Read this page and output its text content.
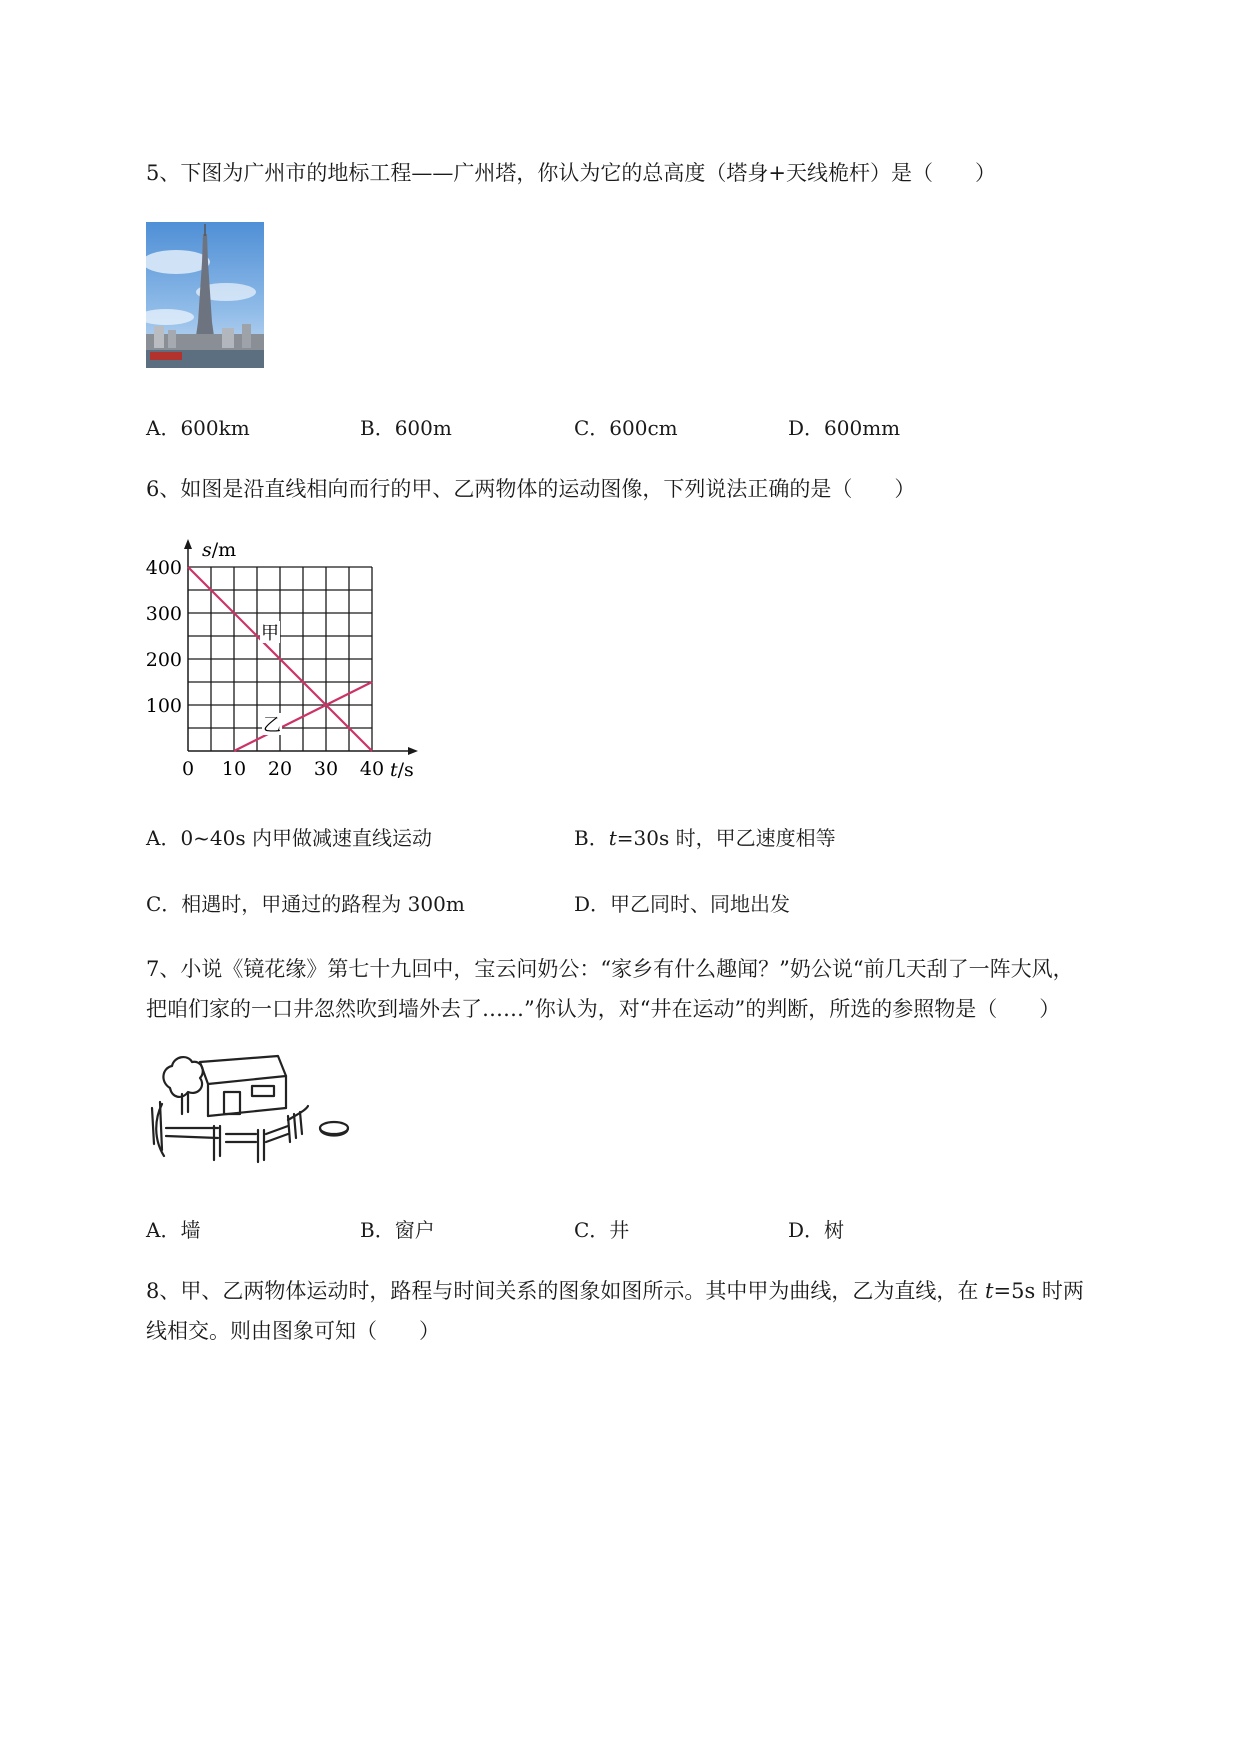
5、下图为广州市的地标工程——广州塔，你认为它的总高度（塔身+天线桅杆）是（　　）
A．600km	B．600m	C．600cm	D．600mm
6、如图是沿直线相向而行的甲、乙两物体的运动图像，下列说法正确的是（　　）
0 10 20 30 40
400
300
200
100
s/m
t/s
甲
乙
A．0~40s 内甲做减速直线运动	B．t=30s 时，甲乙速度相等
C．相遇时，甲通过的路程为 300m	D．甲乙同时、同地出发
7、小说《镜花缘》第七十九回中，宝云问奶公：“家乡有什么趣闻？”奶公说“前几天刮了一阵大风，
把咱们家的一口井忽然吹到墙外去了……”你认为，对“井在运动”的判断，所选的参照物是（　　）
A．墙	B．窗户	C．井	D．树
8、甲、乙两物体运动时，路程与时间关系的图象如图所示。其中甲为曲线，乙为直线，在 t=5s 时两
线相交。则由图象可知（　　）
